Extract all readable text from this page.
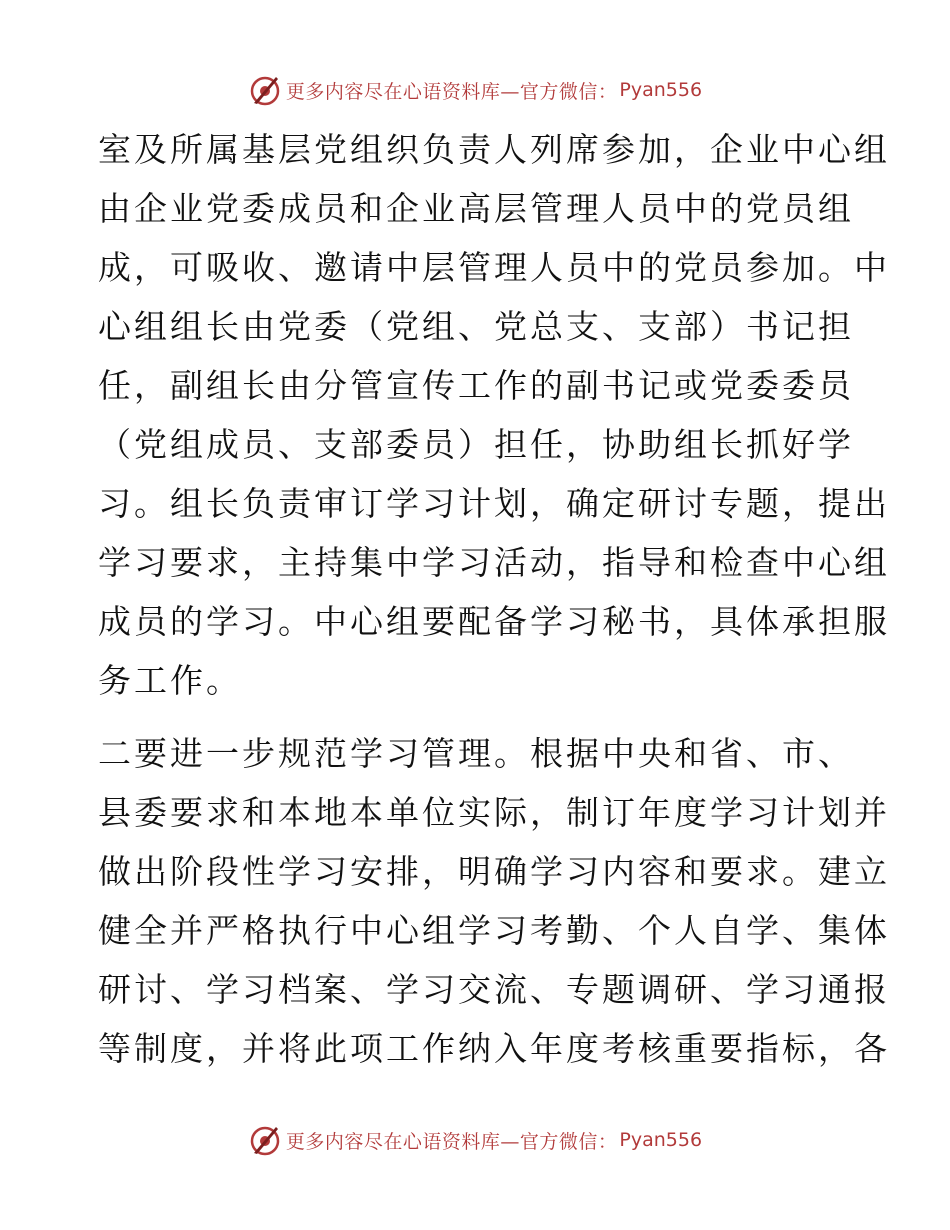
更多内容尽在心语资料库—官方微信： Pyan556

室及所属基层党组织负责人列席参加，企业中心组
由企业党委成员和企业高层管理人员中的党员组
成，可吸收、邀请中层管理人员中的党员参加。中
心组组长由党委（党组、党总支、支部）书记担
任，副组长由分管宣传工作的副书记或党委委员
（党组成员、支部委员）担任，协助组长抓好学
习。组长负责审订学习计划，确定研讨专题，提出
学习要求，主持集中学习活动，指导和检查中心组
成员的学习。中心组要配备学习秘书，具体承担服
务工作。

二要进一步规范学习管理。根据中央和省、市、
县委要求和本地本单位实际，制订年度学习计划并
做出阶段性学习安排，明确学习内容和要求。建立
健全并严格执行中心组学习考勤、个人自学、集体
研讨、学习档案、学习交流、专题调研、学习通报
等制度，并将此项工作纳入年度考核重要指标，各

更多内容尽在心语资料库—官方微信： Pyan556
